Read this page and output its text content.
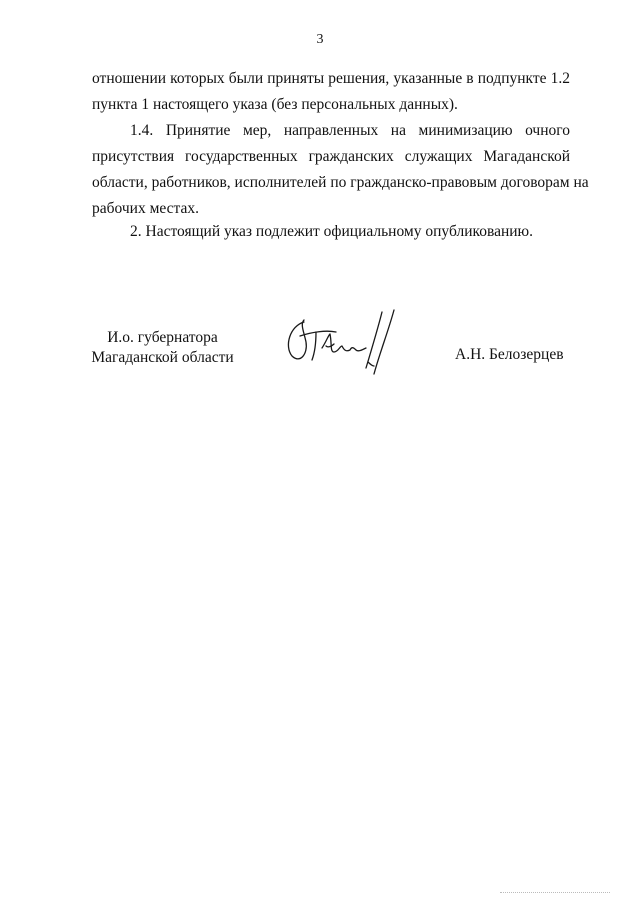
3
отношении которых были приняты решения, указанные в подпункте 1.2
пункта 1 настоящего указа (без персональных данных).
1.4. Принятие мер, направленных на минимизацию очного
присутствия государственных гражданских служащих Магаданской
области, работников, исполнителей по гражданско-правовым договорам на
рабочих местах.
2. Настоящий указ подлежит официальному опубликованию.
И.о. губернатора
Магаданской области	А.Н. Белозерцев
